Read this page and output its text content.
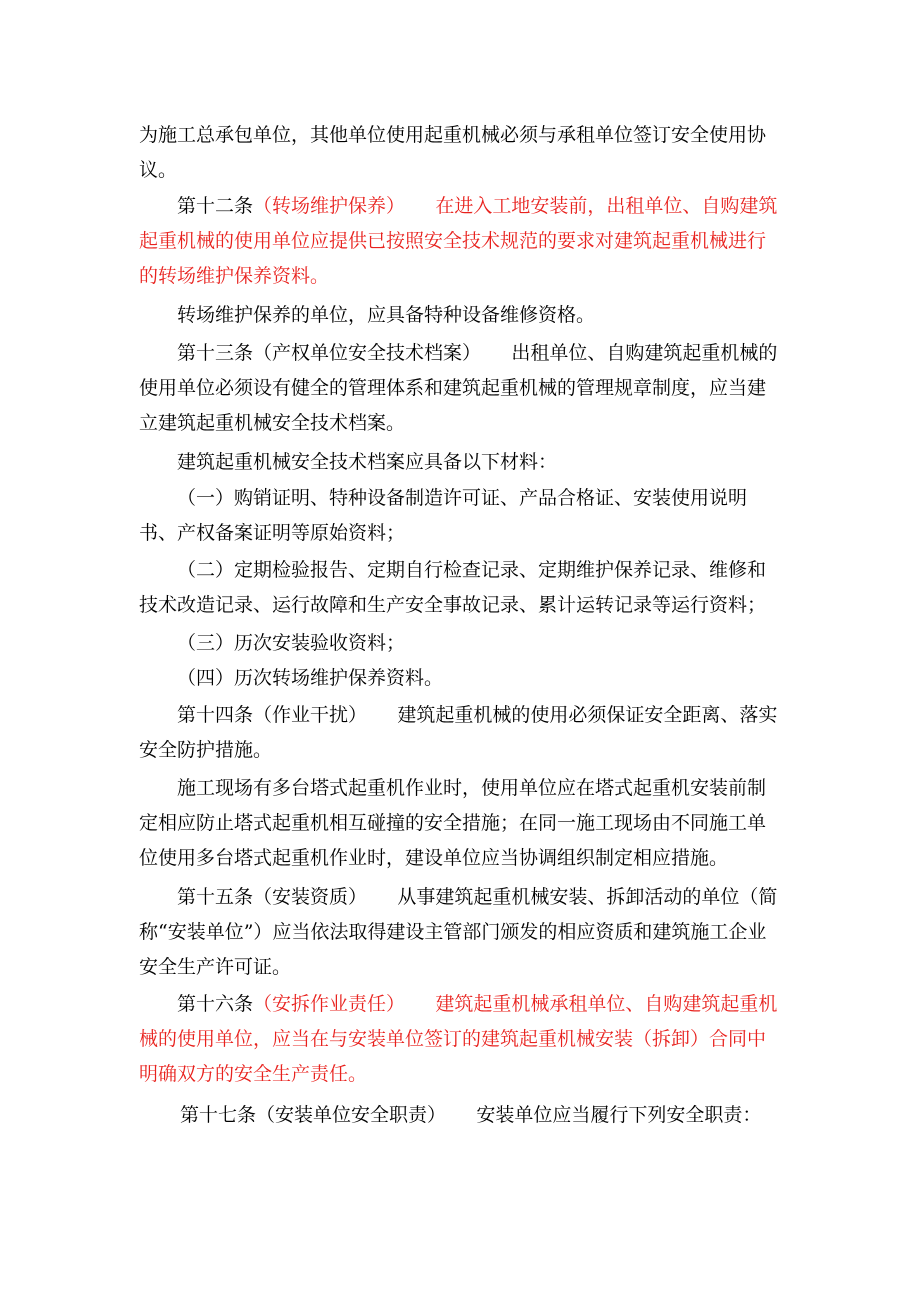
为施工总承包单位，其他单位使用起重机械必须与承租单位签订安全使用协议。

第十二条（转场维护保养） 在进入工地安装前，出租单位、自购建筑起重机械的使用单位应提供已按照安全技术规范的要求对建筑起重机械进行的转场维护保养资料。

转场维护保养的单位，应具备特种设备维修资格。

第十三条（产权单位安全技术档案） 出租单位、自购建筑起重机械的使用单位必须设有健全的管理体系和建筑起重机械的管理规章制度，应当建立建筑起重机械安全技术档案。

建筑起重机械安全技术档案应具备以下材料：

（一）购销证明、特种设备制造许可证、产品合格证、安装使用说明书、产权备案证明等原始资料；

（二）定期检验报告、定期自行检查记录、定期维护保养记录、维修和技术改造记录、运行故障和生产安全事故记录、累计运转记录等运行资料；

（三）历次安装验收资料；

（四）历次转场维护保养资料。

第十四条（作业干扰） 建筑起重机械的使用必须保证安全距离、落实安全防护措施。

施工现场有多台塔式起重机作业时，使用单位应在塔式起重机安装前制定相应防止塔式起重机相互碰撞的安全措施；在同一施工现场由不同施工单位使用多台塔式起重机作业时，建设单位应当协调组织制定相应措施。

第十五条（安装资质） 从事建筑起重机械安装、拆卸活动的单位（简称“安装单位”）应当依法取得建设主管部门颁发的相应资质和建筑施工企业安全生产许可证。

第十六条（安拆作业责任） 建筑起重机械承租单位、自购建筑起重机械的使用单位，应当在与安装单位签订的建筑起重机械安装（拆卸）合同中明确双方的安全生产责任。

第十七条（安装单位安全职责） 安装单位应当履行下列安全职责：
